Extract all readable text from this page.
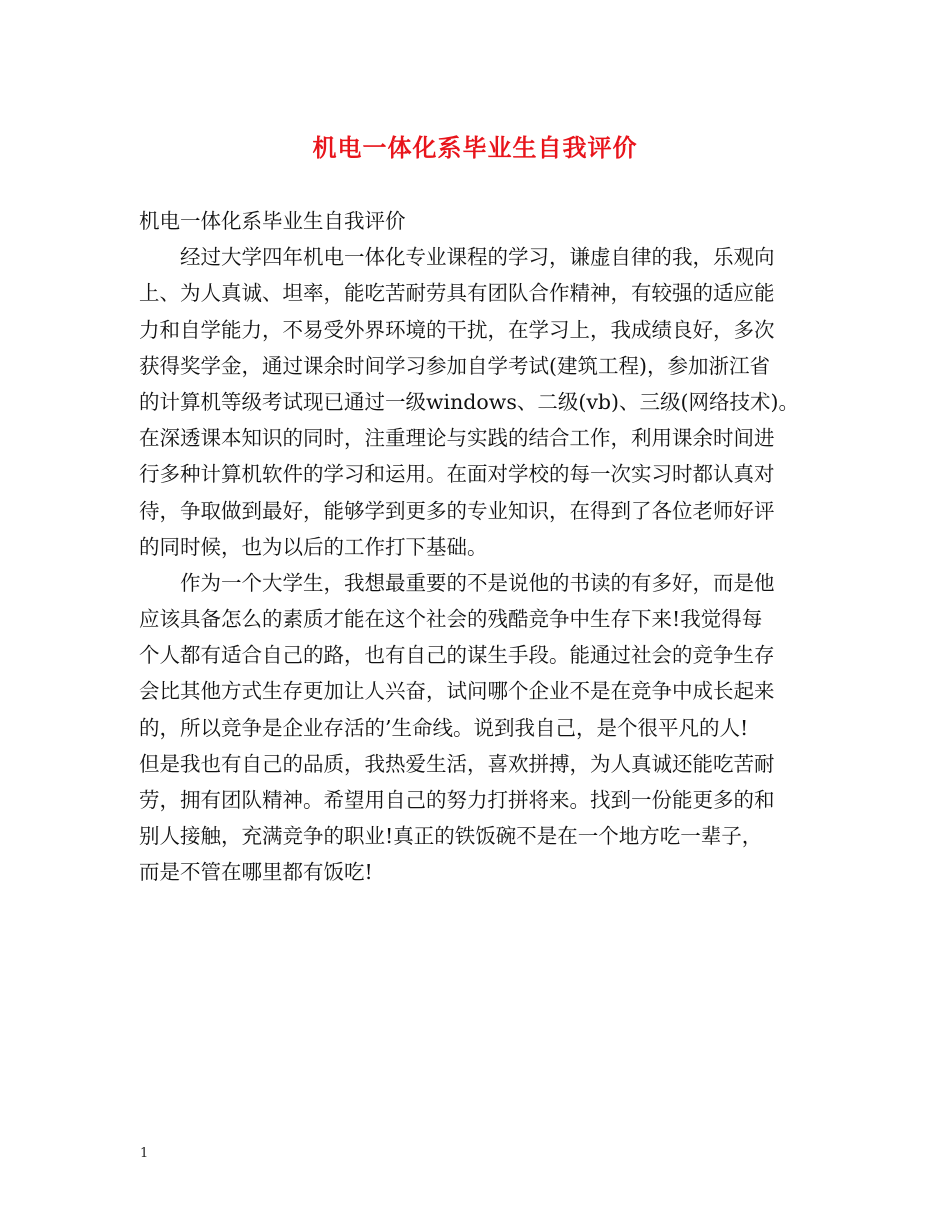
机电一体化系毕业生自我评价
机电一体化系毕业生自我评价
经过大学四年机电一体化专业课程的学习，谦虚自律的我，乐观向
上、为人真诚、坦率，能吃苦耐劳具有团队合作精神，有较强的适应能
力和自学能力，不易受外界环境的干扰，在学习上，我成绩良好，多次
获得奖学金，通过课余时间学习参加自学考试(建筑工程)，参加浙江省
的计算机等级考试现已通过一级windows、二级(vb)、三级(网络技术)。
在深透课本知识的同时，注重理论与实践的结合工作，利用课余时间进
行多种计算机软件的学习和运用。在面对学校的每一次实习时都认真对
待，争取做到最好，能够学到更多的专业知识，在得到了各位老师好评
的同时候，也为以后的工作打下基础。
作为一个大学生，我想最重要的不是说他的书读的有多好，而是他
应该具备怎么的素质才能在这个社会的残酷竞争中生存下来!我觉得每
个人都有适合自己的路，也有自己的谋生手段。能通过社会的竞争生存
会比其他方式生存更加让人兴奋，试问哪个企业不是在竞争中成长起来
的，所以竞争是企业存活的’生命线。说到我自己，是个很平凡的人!
但是我也有自己的品质，我热爱生活，喜欢拼搏，为人真诚还能吃苦耐
劳，拥有团队精神。希望用自己的努力打拼将来。找到一份能更多的和
别人接触，充满竞争的职业!真正的铁饭碗不是在一个地方吃一辈子，
而是不管在哪里都有饭吃!
1
